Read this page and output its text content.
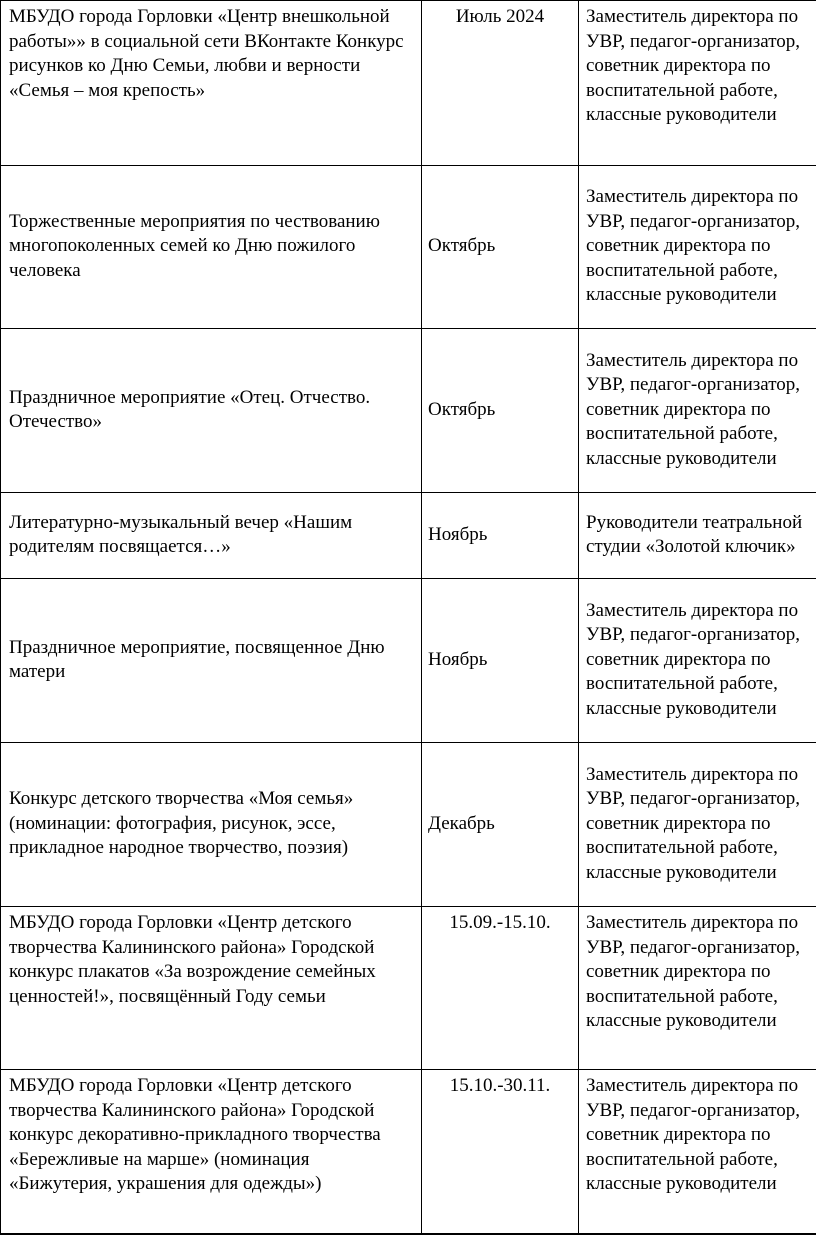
МБУДО города Горловки «Центр внешкольной работы»» в социальной сети ВКонтакте Конкурс рисунков ко Дню Семьи, любви и верности «Семья – моя крепость»	Июль 2024	Заместитель директора по УВР, педагог-организатор, советник директора по воспитательной работе, классные руководители
Торжественные мероприятия по чествованию многопоколенных семей ко Дню пожилого человека	Октябрь	Заместитель директора по УВР, педагог-организатор, советник директора по воспитательной работе, классные руководители
Праздничное мероприятие «Отец. Отчество. Отечество»	Октябрь	Заместитель директора по УВР, педагог-организатор, советник директора по воспитательной работе, классные руководители
Литературно-музыкальный вечер «Нашим родителям посвящается…»	Ноябрь	Руководители театральной студии «Золотой ключик»
Праздничное мероприятие, посвященное Дню матери	Ноябрь	Заместитель директора по УВР, педагог-организатор, советник директора по воспитательной работе, классные руководители
Конкурс детского творчества «Моя семья» (номинации: фотография, рисунок, эссе, прикладное народное творчество, поэзия)	Декабрь	Заместитель директора по УВР, педагог-организатор, советник директора по воспитательной работе, классные руководители
МБУДО города Горловки «Центр детского творчества Калининского района» Городской конкурс плакатов «За возрождение семейных ценностей!», посвящённый Году семьи	15.09.-15.10.	Заместитель директора по УВР, педагог-организатор, советник директора по воспитательной работе, классные руководители
МБУДО города Горловки «Центр детского творчества Калининского района» Городской конкурс декоративно-прикладного творчества «Бережливые на марше» (номинация «Бижутерия, украшения для одежды»)	15.10.-30.11.	Заместитель директора по УВР, педагог-организатор, советник директора по воспитательной работе, классные руководители
